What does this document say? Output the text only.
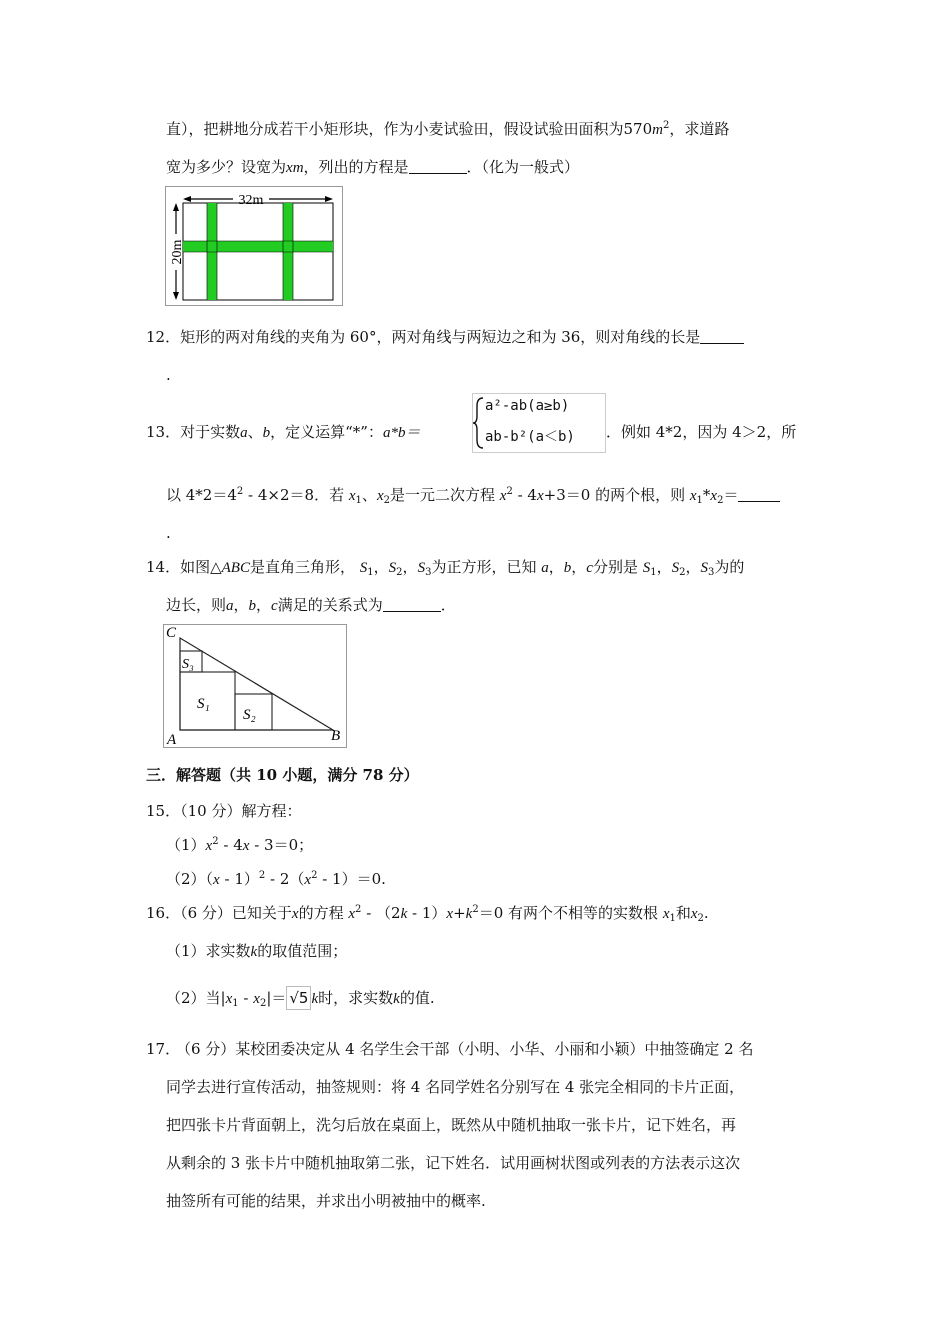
直），把耕地分成若干小矩形块，作为小麦试验田，假设试验田面积为$570m^2$，求道路
宽为多少？设宽为xm，列出的方程是	．（化为一般式）
32m
20m
12．矩形的两对角线的夹角为 60°，两对角线与两短边之和为 36，则对角线的长是
.
13．对于实数a、b，定义运算“*”：a*b＝
a²-ab(a≥b)
ab-b²(a＜b) ．例如 4*2，因为 4＞2，所
以 $4*2=4^2 - 4\times 2=8$．若 $x_1$、$x_2$是一元二次方程 $x^2 - 4x+3=0$ 的两个根，则 $x_1*x_2=$
.
14．如图△ABC是直角三角形， $S_1$，$S_2$，$S_3$为正方形，已知 a，b，c分别是 $S_1$，$S_2$，$S_3$为的
边长，则a，b，c满足的关系式为	．
C
A	B
S₁
S₂
S₃
三．解答题（共 10 小题，满分 78 分）
15．（10 分）解方程：
$(1)x^2 - 4x - 3=0$；
$(2)(x - 1)^2 - 2(x^2 - 1)=0$.
16．（6 分）已知关于x的方程 $x^2 - (2k - 1)x+k^2=0$ 有两个不相等的实数根 $x_1$和$x_2$.
（1）求实数k的取值范围；
（2）当$|x_1 - x_2|= √5$ k时，求实数k的值.
17．
（6 分）某校团委决定从 4 名学生会干部（小明、小华、小丽和小颖）中抽签确定 2 名
同学去进行宣传活动，抽签规则：将 4 名同学姓名分别写在 4 张完全相同的卡片正面，
把四张卡片背面朝上，洗匀后放在桌面上，既然从中随机抽取一张卡片，记下姓名，再
从剩余的 3 张卡片中随机抽取第二张，记下姓名．试用画树状图或列表的方法表示这次
抽签所有可能的结果，并求出小明被抽中的概率.
